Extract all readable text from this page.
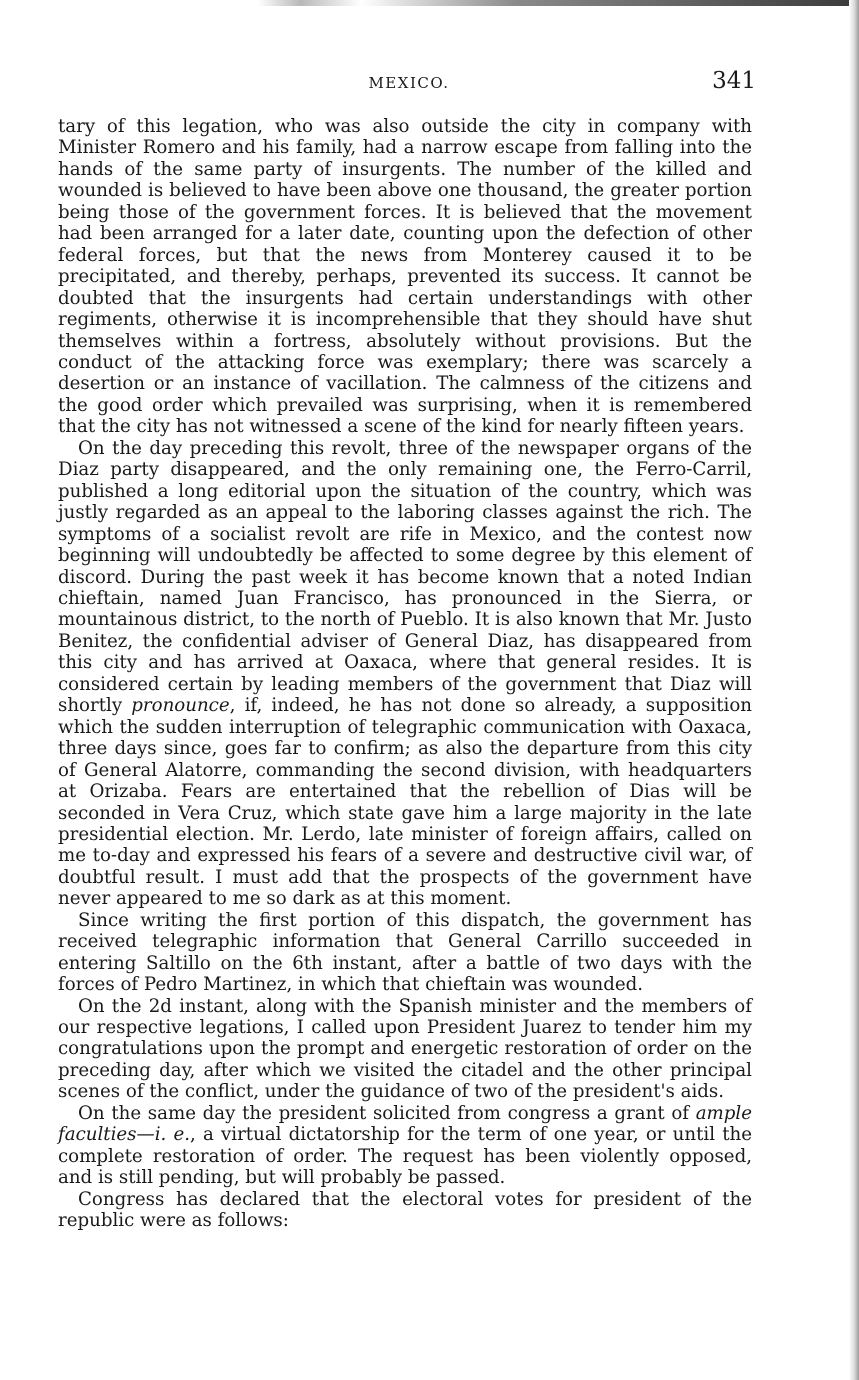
MEXICO.	341

tary of this legation, who was also outside the city in company with Minister Romero and his family, had a narrow escape from falling into the hands of the same party of insurgents. The number of the killed and wounded is believed to have been above one thousand, the greater portion being those of the government forces. It is believed that the movement had been arranged for a later date, counting upon the defection of other federal forces, but that the news from Monterey caused it to be precipitated, and thereby, perhaps, prevented its success. It cannot be doubted that the insurgents had certain understandings with other regiments, otherwise it is incomprehensible that they should have shut themselves within a fortress, absolutely without provisions. But the conduct of the attacking force was exemplary; there was scarcely a desertion or an instance of vacillation. The calmness of the citizens and the good order which prevailed was surprising, when it is remembered that the city has not witnessed a scene of the kind for nearly fifteen years.

On the day preceding this revolt, three of the newspaper organs of the Diaz party disappeared, and the only remaining one, the Ferro-Carril, published a long editorial upon the situation of the country, which was justly regarded as an appeal to the laboring classes against the rich. The symptoms of a socialist revolt are rife in Mexico, and the contest now beginning will undoubtedly be affected to some degree by this element of discord. During the past week it has become known that a noted Indian chieftain, named Juan Francisco, has pronounced in the Sierra, or mountainous district, to the north of Pueblo. It is also known that Mr. Justo Benitez, the confidential adviser of General Diaz, has disappeared from this city and has arrived at Oaxaca, where that general resides. It is considered certain by leading members of the government that Diaz will shortly pronounce, if, indeed, he has not done so already, a supposition which the sudden interruption of telegraphic communication with Oaxaca, three days since, goes far to confirm; as also the departure from this city of General Alatorre, commanding the second division, with headquarters at Orizaba. Fears are entertained that the rebellion of Dias will be seconded in Vera Cruz, which state gave him a large majority in the late presidential election. Mr. Lerdo, late minister of foreign affairs, called on me to-day and expressed his fears of a severe and destructive civil war, of doubtful result. I must add that the prospects of the government have never appeared to me so dark as at this moment.

Since writing the first portion of this dispatch, the government has received telegraphic information that General Carrillo succeeded in entering Saltillo on the 6th instant, after a battle of two days with the forces of Pedro Martinez, in which that chieftain was wounded.

On the 2d instant, along with the Spanish minister and the members of our respective legations, I called upon President Juarez to tender him my congratulations upon the prompt and energetic restoration of order on the preceding day, after which we visited the citadel and the other principal scenes of the conflict, under the guidance of two of the president's aids.

On the same day the president solicited from congress a grant of ample faculties—i. e., a virtual dictatorship for the term of one year, or until the complete restoration of order. The request has been violently opposed, and is still pending, but will probably be passed.

Congress has declared that the electoral votes for president of the republic were as follows:
